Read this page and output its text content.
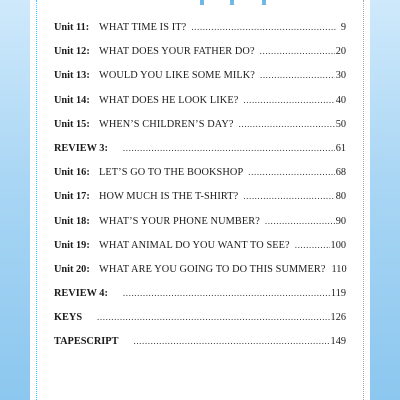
Unit 11: WHAT TIME IS IT? .....	9
Unit 12: WHAT DOES YOUR FATHER DO? .....	20
Unit 13: WOULD YOU LIKE SOME MILK? .....	30
Unit 14: WHAT DOES HE LOOK LIKE? .....	40
Unit 15: WHEN’S CHILDREN’S DAY? .....	50
REVIEW 3: .....	61
Unit 16: LET’S GO TO THE BOOKSHOP .....	68
Unit 17: HOW MUCH IS THE T-SHIRT? .....	80
Unit 18: WHAT’S YOUR PHONE NUMBER? .....	90
Unit 19: WHAT ANIMAL DO YOU WANT TO SEE? .....	100
Unit 20: WHAT ARE YOU GOING TO DO THIS SUMMER? 110
REVIEW 4: .....	119
KEYS .....	126
TAPESCRIPT .....	149
